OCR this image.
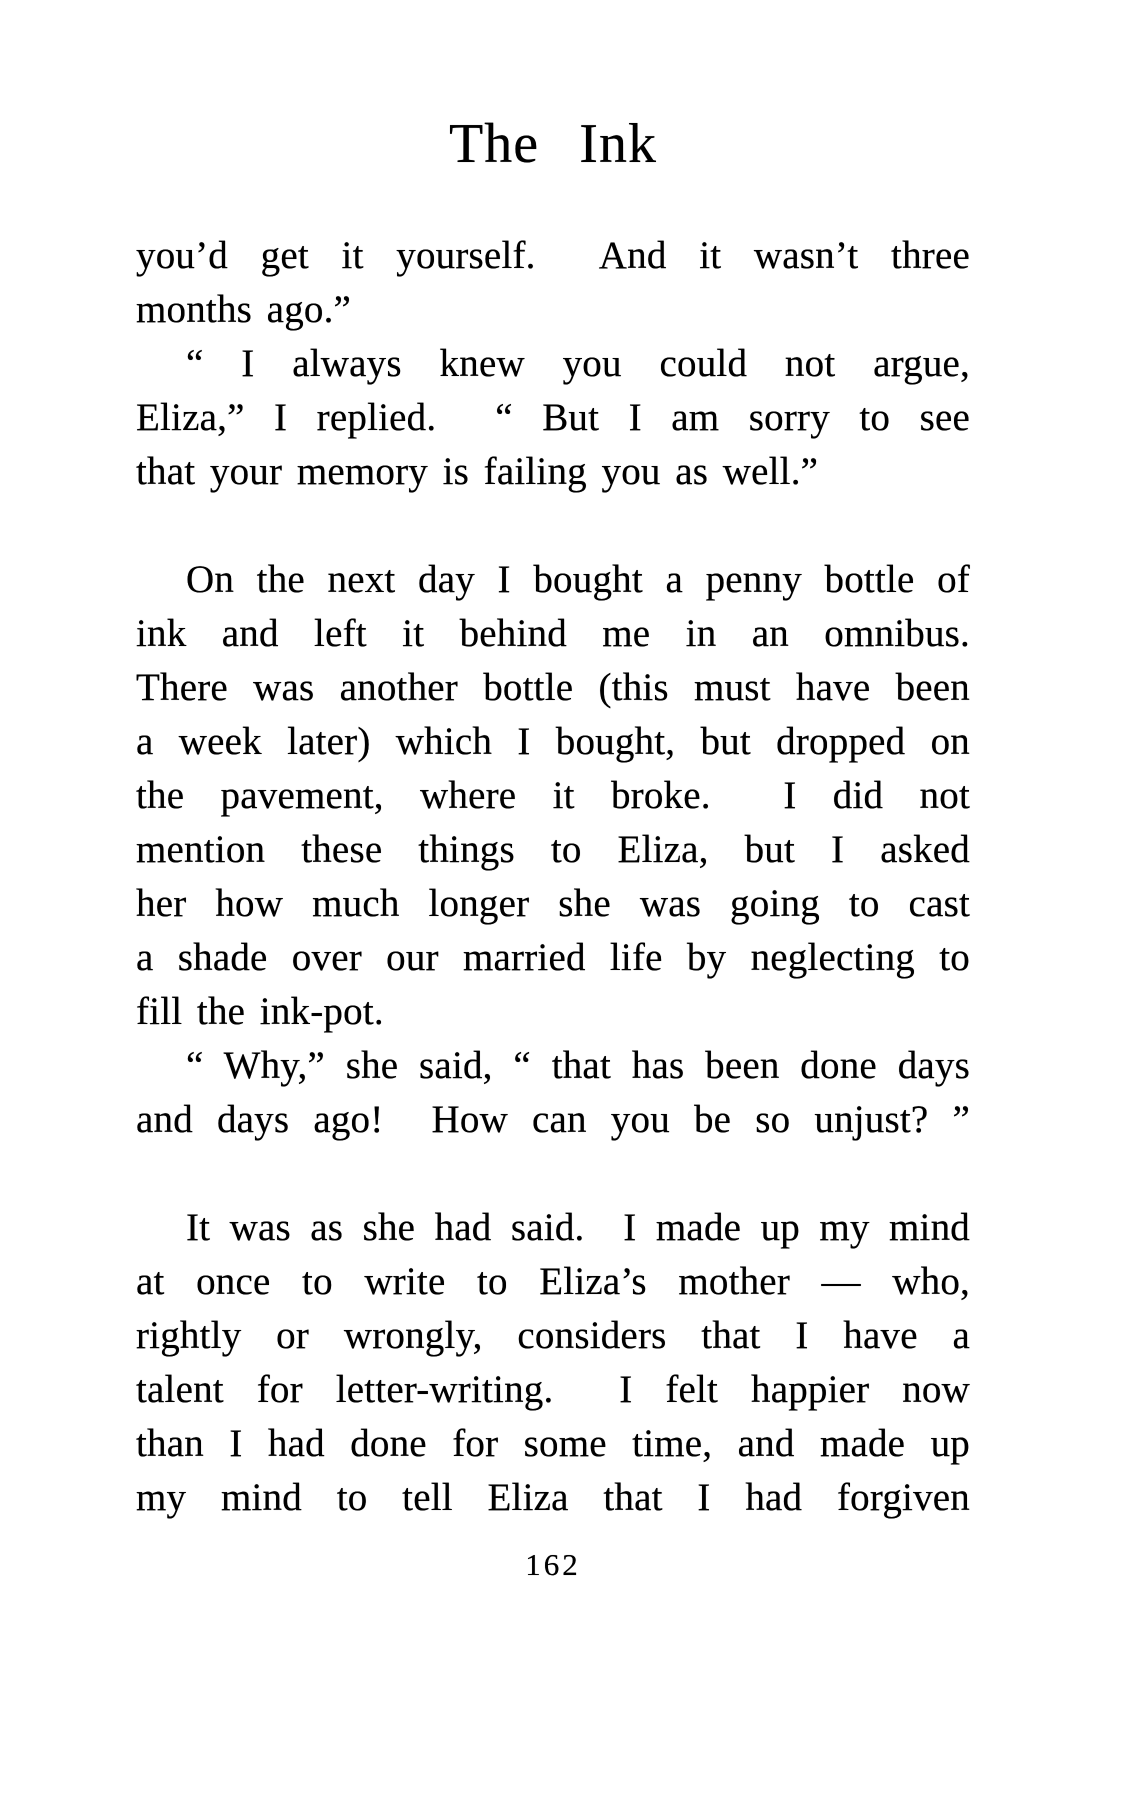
The Ink
you’d get it yourself.  And it wasn’t three
months ago.”
“ I always knew you could not argue,
Eliza,” I replied.  “ But I am sorry to see
that your memory is failing you as well.”
On the next day I bought a penny bottle of
ink and left it behind me in an omnibus.
There was another bottle (this must have been
a week later) which I bought, but dropped on
the pavement, where it broke.  I did not
mention these things to Eliza, but I asked
her how much longer she was going to cast
a shade over our married life by neglecting to
fill the ink-pot.
“ Why,” she said, “ that has been done days
and days ago!  How can you be so unjust? ”
It was as she had said.  I made up my mind
at once to write to Eliza’s mother — who,
rightly or wrongly, considers that I have a
talent for letter-writing.  I felt happier now
than I had done for some time, and made up
my mind to tell Eliza that I had forgiven
162
